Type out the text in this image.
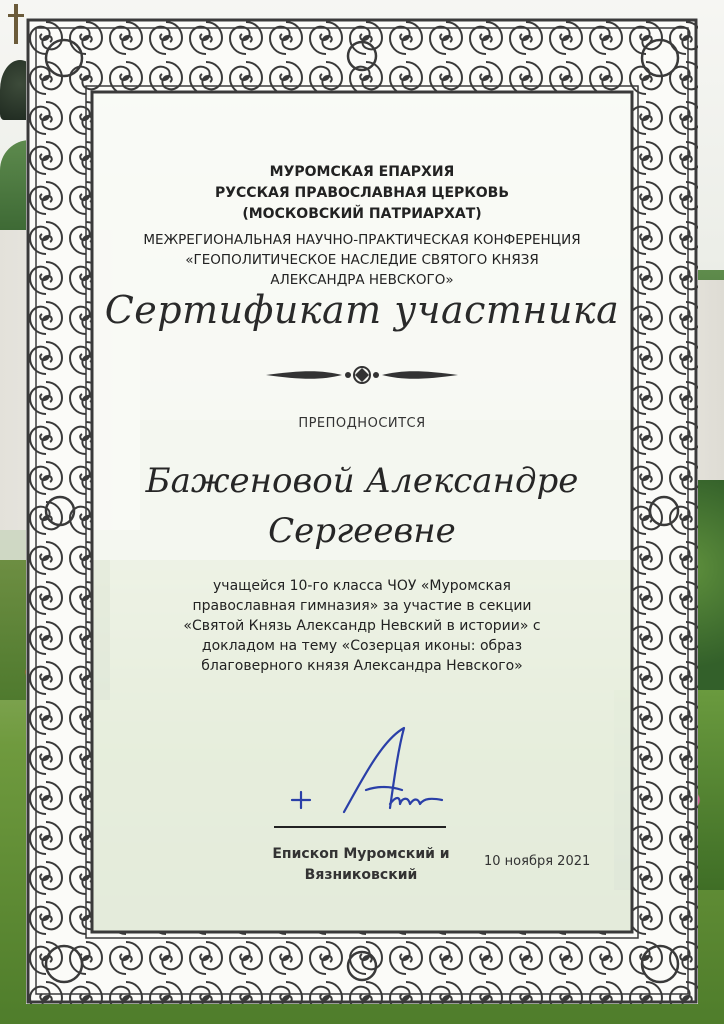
МУРОМСКАЯ ЕПАРХИЯ
РУССКАЯ ПРАВОСЛАВНАЯ ЦЕРКОВЬ
(МОСКОВСКИЙ ПАТРИАРХАТ)
МЕЖРЕГИОНАЛЬНАЯ НАУЧНО-ПРАКТИЧЕСКАЯ КОНФЕРЕНЦИЯ
«ГЕОПОЛИТИЧЕСКОЕ НАСЛЕДИЕ СВЯТОГО КНЯЗЯ
АЛЕКСАНДРА НЕВСКОГО»
Сертификат участника
ПРЕПОДНОСИТСЯ
Баженовой Александре
Сергеевне
учащейся 10-го класса ЧОУ «Муромская
православная гимназия» за участие в секции
«Святой Князь Александр Невский в истории» с
докладом на тему «Созерцая иконы: образ
благоверного князя Александра Невского»
Епископ Муромский и
Вязниковский
10 ноября 2021
